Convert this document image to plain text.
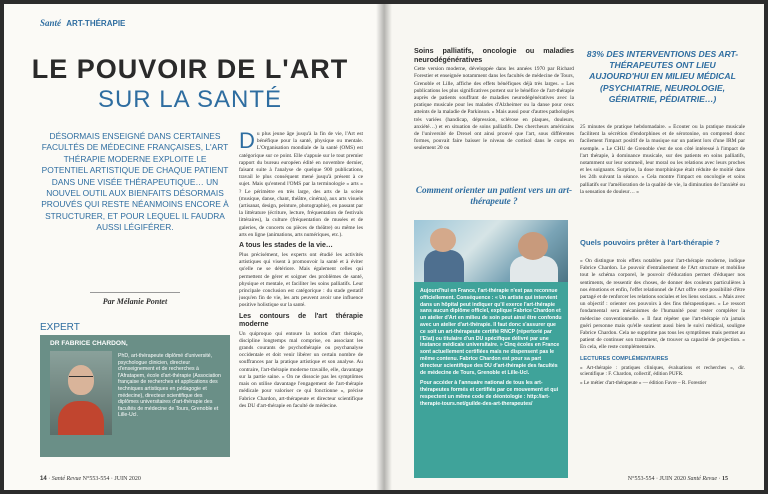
Santé ART-THÉRAPIE
LE POUVOIR DE L'ART
SUR LA SANTÉ
DÉSORMAIS ENSEIGNÉ DANS CERTAINES FACULTÉS DE MÉDECINE FRANÇAISES, L'ART THÉRAPIE MODERNE EXPLOITE LE POTENTIEL ARTISTIQUE DE CHAQUE PATIENT DANS UNE VISÉE THÉRAPEUTIQUE… UN NOUVEL OUTIL AUX BIENFAITS DÉSORMAIS PROUVÉS QUI RESTE NÉANMOINS ENCORE À STRUCTURER, ET POUR LEQUEL IL FAUDRA AUSSI LÉGIFÉRER.
Par Mélanie Pontet

Du plus jeune âge jusqu'à la fin de vie, l'Art est bénéfique pour la santé, physique ou mentale. L'Organisation mondiale de la santé (OMS) est catégorique sur ce point. Elle s'appuie sur le tout premier rapport du bureau européen édité en novembre dernier, faisant suite à l'analyse de quelque 900 publications, travail le plus conséquent mené jusqu'à présent à ce sujet. Mais qu'entend l'OMS par la terminologie « arts » ? Le périmètre en très large, des arts de la scène (musique, danse, chant, théâtre, cinéma), aux arts visuels (artisanat, design, peinture, photographie), en passant par la littérature (écriture, lecture, fréquentation de festivals littéraires), la culture (fréquentation de musées et de galeries, de concerts ou pièces de théâtre) ou même les arts en ligne (animations, arts numériques, etc.).

A tous les stades de la vie…

Plus précisément, les experts ont étudié les activités artistiques qui visent à promouvoir la santé et à éviter qu'elle ne se détériore. Mais également celles qui permettent de gérer et soigner des problèmes de santé, physique et mentale, et faciliter les soins palliatifs. Leur principale conclusion est catégorique : du stade gestatif jusqu'en fin de vie, les arts peuvent avoir une influence positive holistique sur la santé.

Les contours de l'art thérapie moderne

Un quiproquo qui entoure la notion d'art thérapie, discipline longtemps mal comprise, en associant les grands courants de psychothérapie ou psychanalyse occidentale et doit venir libérer un certain nombre de souffrances par la pratique artistique et son analyse. Au contraire, l'art-thérapie moderne travaille, elle, davantage sur la partie saine. « On ne dissocie pas les symptômes mais on utilise davantage l'engagement de l'art-thérapie médicale pour valoriser ce qui fonctionne », précise Fabrice Chardon, art-thérapeute et directeur scientifique des DU d'art-thérapie en faculté de médecine.

EXPERT
DR FABRICE CHARDON,
PhD, art-thérapeute diplômé d'université, psychologue clinicien, directeur d'enseignement et de recherches à l'Afratapem, école d'art-thérapie (Association française de recherches et applications des techniques artistiques en pédagogie et médecine), directeur scientifique des diplômes universitaires d'art-thérapie des facultés de médecine de Tours, Grenoble et Lille-Ucl.
14 · Santé Revue N°553-554 · JUIN 2020
Soins palliatifs, oncologie ou maladies neurodégénératives

Cette version moderne, développée dans les années 1970 par Richard Forestier et enseignée notamment dans les facultés de médecine de Tours, Grenoble et Lille, affiche des effets bénéfiques déjà très larges. « Les publications les plus significatives portent sur le bénéfice de l'art-thérapie auprès de patients souffrant de maladies neurodégénératives avec la pratique musicale pour les malades d'Alzheimer ou la danse pour ceux atteints de la maladie de Parkinson. » Mais aussi pour d'autres pathologies très variées (handicap, dépression, sclérose en plaques, douleurs, anxiété…) et en situation de soins palliatifs. Des chercheurs américains de l'université de Drexel ont ainsi prouvé que l'art, sous différentes formes, pouvait faire baisser le niveau de cortisol dans le corps en seulement 20 ou

83% DES INTERVENTIONS DES ART-THÉRAPEUTES ONT LIEU AUJOURD'HUI EN MILIEU MÉDICAL (PSYCHIATRIE, NEUROLOGIE, GÉRIATRIE, PÉDIATRIE…)

25 minutes de pratique hebdomadaire. « Écouter ou la pratique musicale facilitent la sécrétion d'endorphines et de sérotonine, on comprend donc facilement l'impact positif de la musique sur un patient lors d'une IRM par exemple. » Le CHU de Grenoble s'est de son côté intéressé à l'impact de l'art thérapie, à dominance musicale, sur des patients en soins palliatifs, notamment sur leur sommeil, leur moral ou les relations avec leurs proches et les soignants. Surprise, la dose morphinique était réduite de moitié dans les 24h suivant la séance. « Cela montre l'impact en oncologie et soins palliatifs sur l'amélioration de la qualité de vie, la diminution de l'anxiété ou la sensation de douleur… »

Comment orienter un patient vers un art-thérapeute ?

Aujourd'hui en France, l'art-thérapie n'est pas reconnue officiellement. Conséquence : « Un artiste qui intervient dans un hôpital peut indiquer qu'il exerce l'art-thérapie sans aucun diplôme officiel, explique Fabrice Chardon et un atelier d'Art en milieu de soin peut ainsi être confondu avec un atelier d'art-thérapie. Il faut donc s'assurer que ce soit un art-thérapeute certifié RNCP (répertorié par l'Etat) ou titulaire d'un DU spécifique délivré par une instance médicale universitaire. » Cinq écoles en France sont actuellement certifiées mais ne dispensent pas le même contenu. Fabrice Chardon est pour sa part directeur scientifique des DU d'art-thérapie des facultés de médecine de Tours, Grenoble et Lille-Ucl.

Pour accéder à l'annuaire national de tous les art-thérapeutes formés et certifiés par ce mouvement et qui respectent un même code de déontologie : http://art-therapie-tours.net/guilde-des-art-therapeutes/

Quels pouvoirs prêter à l'art-thérapie ?

« On distingue trois effets notables pour l'art-thérapie moderne, indique Fabrice Chardon. Le pouvoir d'entraînement de l'Art structure et mobilise tout le schéma corporel, le pouvoir d'éducation permet d'éduquer nos sentiments, de ressentir des choses, de donner des couleurs particulières à nos émotions et enfin, l'effet relationnel de l'Art offre cette possibilité d'être partagé et de renforcer les relations sociales et les liens sociaux. » Mais avec un objectif : orienter ces pouvoirs à des fins thérapeutiques. « Le ressort fondamental sera mécanismes de l'humanité pour rester compléter la médecine conventionnelle. « Il faut répéter que l'art-thérapie n'a jamais guéri personne mais qu'elle soutient aussi bien le suivi médical, souligne Fabrice Chardon. Cela ne supprime pas tous les symptômes mais permet au patient de continuer son traitement, de trouver sa capacité de projection. » En cela, elle reste complémentaire.

LECTURES COMPLÉMENTAIRES

« Art-thérapie : pratiques cliniques, évaluations et recherches », dir. scientifique : F. Chardon, collectif, édition PUFR.

« Le métier d'art-thérapeute » — édition Favre – R. Forestier

N°553-554 · JUIN 2020 Santé Revue · 15
